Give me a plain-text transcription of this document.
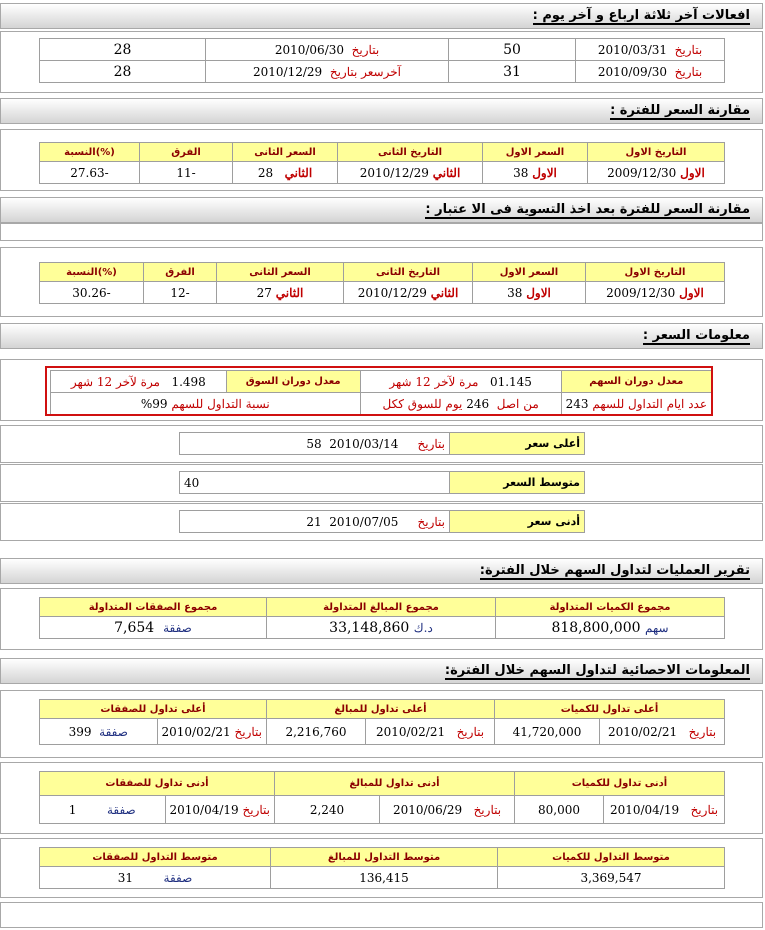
افعالات آخر ثلاثة ارباع و آخر يوم :
بتاريخ  2010/03/31	50	بتاريخ  2010/06/30	28
بتاريخ  2010/09/30	31	آخرسعر بتاريخ  2010/12/29	28
مقارنة السعر للفترة :
التاريخ الاول	السعر الاول	التاريخ الثانى	السعر الثانى	الفرق	(%)النسبة
الاول 2009/12/30	الاول 38	الثاني 2010/12/29	الثاني   28	-11	-27.63
مقارنة السعر للفترة بعد اخذ التسوية فى الا عتبار :
التاريخ الاول	السعر الاول	التاريخ الثانى	السعر الثانى	الفرق	(%)النسبة
الاول 2009/12/30	الاول 38	الثاني 2010/12/29	الثاني 27	-12	-30.26
معلومات السعر :
معدل دوران السهم	01.145   مرة لآخر 12 شهر	معدل دوران السوق	1.498   مرة لآخر 12 شهر
عدد ايام التداول للسهم 243	من اصل  246 يوم للسوق ككل	نسبة التداول للسهم 99%	
أعلى سعر	بتاريخ     2010/03/14  58
متوسط السعر	40
أدنى سعر	بتاريخ     2010/07/05  21
تقرير العمليات لتداول السهم خلال الفترة:
مجموع الكميات المتداولة	مجموع المبالغ المتداولة	مجموع الصفقات المتداولة
سهم 818,800,000	د.ك 33,148,860	صفقة  7,654
المعلومات الاحصائية لتداول السهم خلال الفترة:
أعلى تداول للكميات		أعلى تداول للمبالغ		أعلى تداول للصفقات	
بتاريخ   2010/02/21	41,720,000	بتاريخ   2010/02/21	2,216,760	بتاريخ 2010/02/21	صفقة  399
أدنى تداول للكميات		أدنى تداول للمبالغ		أدنى تداول للصفقات	
بتاريخ   2010/04/19	80,000	بتاريخ   2010/06/29	2,240	بتاريخ 2010/04/19	صفقة        1
متوسط التداول للكميات	متوسط التداول للمبالغ	متوسط التداول للصفقات
3,369,547	136,415	صفقة        31
